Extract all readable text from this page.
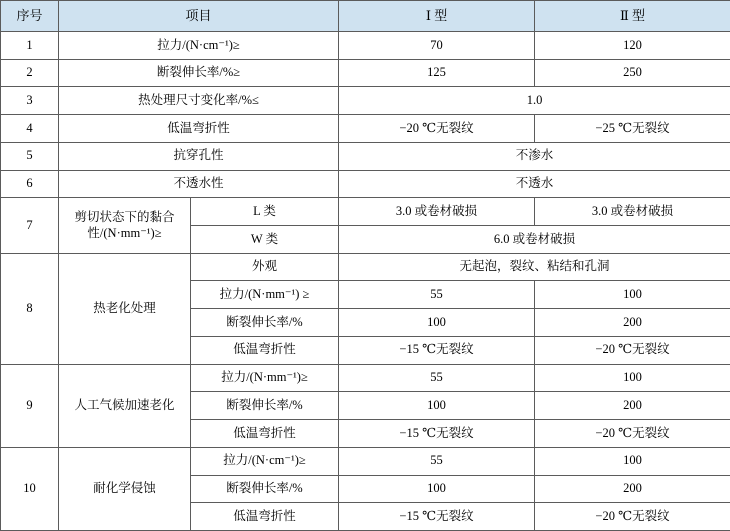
序号	项目		Ⅰ 型	Ⅱ 型
1	拉力/(N·cm⁻¹)≥		70	120
2	断裂伸长率/%≥		125	250
3	热处理尺寸变化率/%≤		1.0	
4	低温弯折性		−20 ℃无裂纹	−25 ℃无裂纹
5	抗穿孔性		不渗水	
6	不透水性		不透水	
7	剪切状态下的黏合性/(N·mm⁻¹)≥	L 类	3.0 或卷材破损	3.0 或卷材破损
		W 类	6.0 或卷材破损	
8	热老化处理	外观	无起泡，裂纹、粘结和孔洞	
		拉力/(N·mm⁻¹) ≥	55	100
		断裂伸长率/%	100	200
		低温弯折性	−15 ℃无裂纹	−20 ℃无裂纹
9	人工气候加速老化	拉力/(N·mm⁻¹)≥	55	100
		断裂伸长率/%	100	200
		低温弯折性	−15 ℃无裂纹	−20 ℃无裂纹
10	耐化学侵蚀	拉力/(N·cm⁻¹)≥	55	100
		断裂伸长率/%	100	200
		低温弯折性	−15 ℃无裂纹	−20 ℃无裂纹
